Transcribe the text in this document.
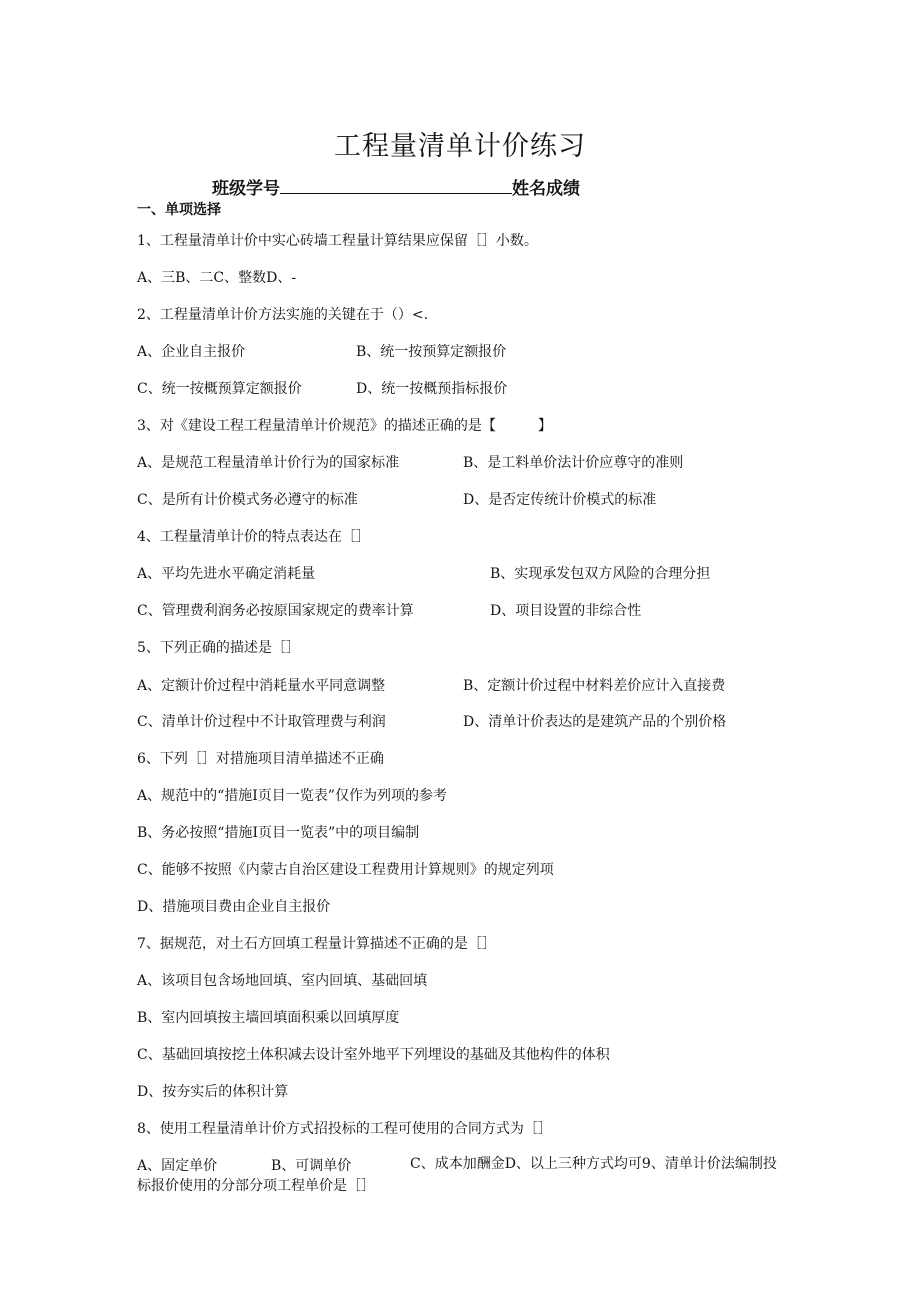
工程量清单计价练习
班级学号	姓名成绩
一、单项选择
1、工程量清单计价中实心砖墙工程量计算结果应保留［］小数。
A、三B、二C、整数D、-
2、工程量清单计价方法实施的关键在于（）<.
A、企业自主报价	B、统一按预算定额报价
C、统一按概预算定额报价	D、统一按概预指标报价
3、对《建设工程工程量清单计价规范》的描述正确的是【　　　】
A、是规范工程量清单计价行为的国家标准	B、是工料单价法计价应尊守的准则
C、是所有计价模式务必遵守的标准	D、是否定传统计价模式的标准
4、工程量清单计价的特点表达在［］
A、平均先进水平确定消耗量	B、实现承发包双方风险的合理分担
C、管理费利润务必按原国家规定的费率计算	D、项目设置的非综合性
5、下列正确的描述是［］
A、定额计价过程中消耗量水平同意调整	B、定额计价过程中材料差价应计入直接费
C、清单计价过程中不计取管理费与利润	D、清单计价表达的是建筑产品的个别价格
6、下列［］对措施项目清单描述不正确
A、规范中的“措施I页目一览表”仅作为列项的参考
B、务必按照“措施I页目一览表”中的项目编制
C、能够不按照《内蒙古自治区建设工程费用计算规则》的规定列项
D、措施项目费由企业自主报价
7、据规范，对土石方回填工程量计算描述不正确的是［］
A、该项目包含场地回填、室内回填、基础回填
B、室内回填按主墙回填面积乘以回填厚度
C、基础回填按挖土体积减去设计室外地平下列埋设的基础及其他构件的体积
D、按夯实后的体积计算
8、使用工程量清单计价方式招投标的工程可使用的合同方式为［］
A、固定单价	B、可调单价	C、成本加酬金D、以上三种方式均可9、清单计价法编制投标报价使用的分部分项工程单价是［］
